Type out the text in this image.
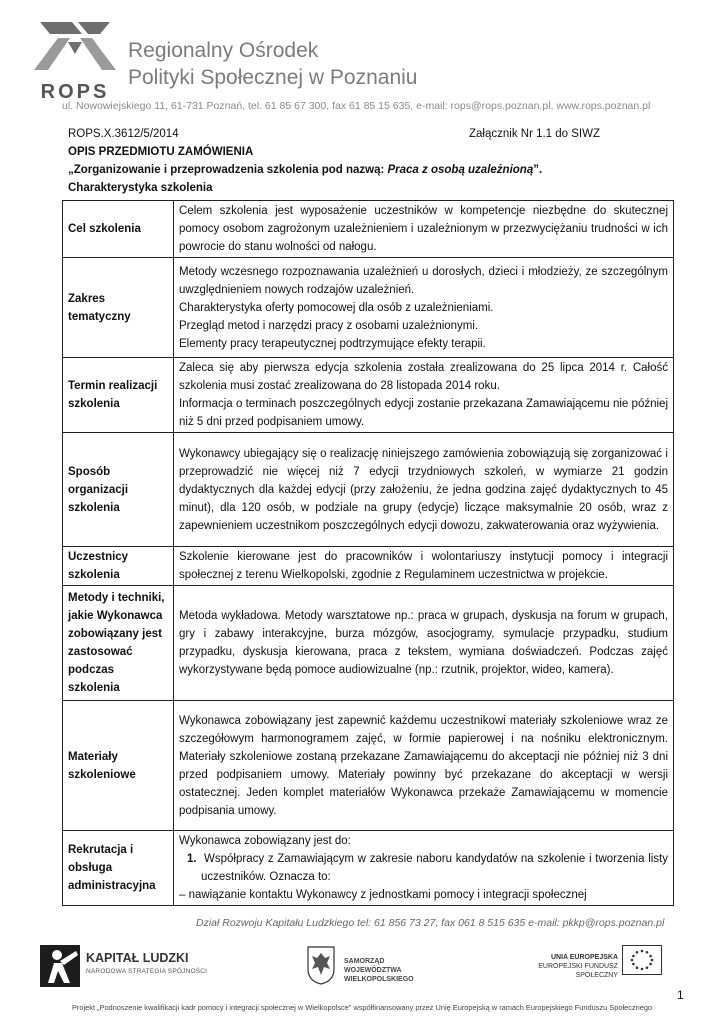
ROPS
Regionalny Ośrodek
Polityki Społecznej w Poznaniu
ul. Nowowiejskiego 11, 61-731 Poznań, tel. 61 85 67 300, fax 61 85 15 635, e-mail: rops@rops.poznan.pl, www.rops.poznan.pl
ROPS.X.3612/5/2014	Załącznik Nr 1.1 do SIWZ
OPIS PRZEDMIOTU ZAMÓWIENIA
„Zorganizowanie i przeprowadzenia szkolenia pod nazwą: Praca z osobą uzależnioną”.
Charakterystyka szkolenia
Cel szkolenia	Celem szkolenia jest wyposażenie uczestników w kompetencje niezbędne do skutecznej pomocy osobom zagrożonym uzależnieniem i uzależnionym w przezwyciężaniu trudności w ich powrocie do stanu wolności od nałogu.
Zakres tematyczny	Metody wczesnego rozpoznawania uzależnień u dorosłych, dzieci i młodzieży, ze szczególnym uwzględnieniem nowych rodzajów uzależnień.

Charakterystyka oferty pomocowej dla osób z uzależnieniami.

Przegląd metod i narzędzi pracy z osobami uzależnionymi.

Elementy pracy terapeutycznej podtrzymujące efekty terapii.

Termin realizacji szkolenia	Zaleca się aby pierwsza edycja szkolenia została zrealizowana do 25 lipca 2014 r. Całość szkolenia musi zostać zrealizowana do 28 listopada 2014 roku.

Informacja o terminach poszczególnych edycji zostanie przekazana Zamawiającemu nie później niż 5 dni przed podpisaniem umowy.

Sposób organizacji szkolenia	Wykonawcy ubiegający się o realizację niniejszego zamówienia zobowiązują się zorganizować i przeprowadzić nie więcej niż 7 edycji trzydniowych szkoleń, w wymiarze 21 godzin dydaktycznych dla każdej edycji (przy założeniu, że jedna godzina zajęć dydaktycznych to 45 minut), dla 120 osób, w podziale na grupy (edycje) liczące maksymalnie 20 osób, wraz z zapewnieniem uczestnikom poszczególnych edycji dowozu, zakwaterowania oraz wyżywienia.
Uczestnicy szkolenia	Szkolenie kierowane jest do pracowników i wolontariuszy instytucji pomocy i integracji społecznej z terenu Wielkopolski, zgodnie z Regulaminem uczestnictwa w projekcie.
Metody i techniki, jakie Wykonawca zobowiązany jest zastosować podczas szkolenia	Metoda wykładowa. Metody warsztatowe np.: praca w grupach, dyskusja na forum w grupach, gry i zabawy interakcyjne, burza mózgów, asocjogramy, symulacje przypadku, studium przypadku, dyskusja kierowana, praca z tekstem, wymiana doświadczeń. Podczas zajęć wykorzystywane będą pomoce audiowizualne (np.: rzutnik, projektor, wideo, kamera).
Materiały szkoleniowe	Wykonawca zobowiązany jest zapewnić każdemu uczestnikowi materiały szkoleniowe wraz ze szczegółowym harmonogramem zajęć, w formie papierowej i na nośniku elektronicznym. Materiały szkoleniowe zostaną przekazane Zamawiającemu do akceptacji nie później niż 3 dni przed podpisaniem umowy. Materiały powinny być przekazane do akceptacji w wersji ostatecznej. Jeden komplet materiałów Wykonawca przekaże Zamawiającemu w momencie podpisania umowy.
Rekrutacja i obsługa administracyjna	Wykonawca zobowiązany jest do:

1. Współpracy z Zamawiającym w zakresie naboru kandydatów na szkolenie i tworzenia listy uczestników. Oznacza to:

– nawiązanie kontaktu Wykonawcy z jednostkami pomocy i integracji społecznej

Dział Rozwoju Kapitału Ludzkiego tel: 61 856 73 27, fax 061 8 515 635 e-mail: pkkp@rops.poznan.pl
KAPITAŁ LUDZKI
NARODOWA STRATEGIA SPÓJNOŚCI
SAMORZĄD WOJEWÓDZTWA WIELKOPOLSKIEGO
UNIA EUROPEJSKA
EUROPEJSKI FUNDUSZ SPOŁECZNY
1
Projekt „Podnoszenie kwalifikacji kadr pomocy i integracji społecznej w Wielkopolsce” współfinansowany przez Unię Europejską w ramach Europejskiego Funduszu Społecznego
